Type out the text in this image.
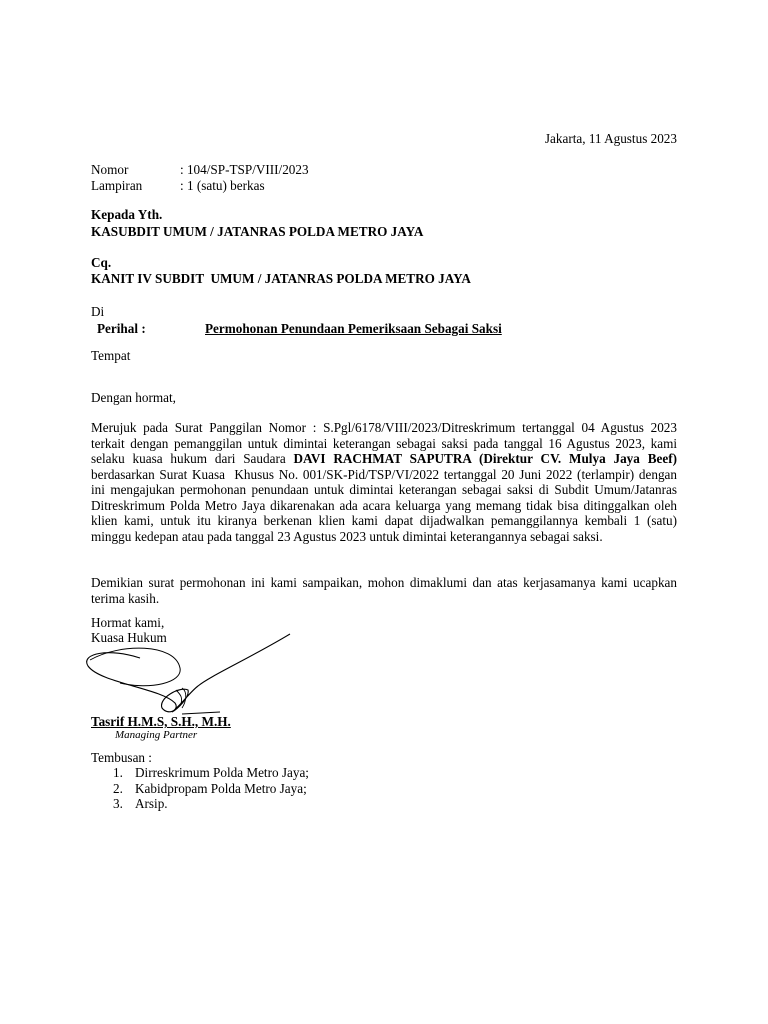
Jakarta, 11 Agustus 2023
Nomor	: 104/SP-TSP/VIII/2023
Lampiran	: 1 (satu) berkas
Kepada Yth.
KASUBDIT UMUM / JATANRAS POLDA METRO JAYA
Cq.
KANIT IV SUBDIT  UMUM / JATANRAS POLDA METRO JAYA
Di
Perihal :	Permohonan Penundaan Pemeriksaan Sebagai Saksi
Tempat
Dengan hormat,
Merujuk pada Surat Panggilan Nomor : S.Pgl/6178/VIII/2023/Ditreskrimum tertanggal 04 Agustus 2023 terkait dengan pemanggilan untuk dimintai keterangan sebagai saksi pada tanggal 16 Agustus 2023, kami selaku kuasa hukum dari Saudara DAVI RACHMAT SAPUTRA (Direktur CV. Mulya Jaya Beef) berdasarkan Surat Kuasa  Khusus No. 001/SK-Pid/TSP/VI/2022 tertanggal 20 Juni 2022 (terlampir) dengan ini mengajukan permohonan penundaan untuk dimintai keterangan sebagai saksi di Subdit Umum/Jatanras Ditreskrimum Polda Metro Jaya dikarenakan ada acara keluarga yang memang tidak bisa ditinggalkan oleh klien kami, untuk itu kiranya berkenan klien kami dapat dijadwalkan pemanggilannya kembali 1 (satu) minggu kedepan atau pada tanggal 23 Agustus 2023 untuk dimintai keterangannya sebagai saksi.
Demikian surat permohonan ini kami sampaikan, mohon dimaklumi dan atas kerjasamanya kami ucapkan terima kasih.
Hormat kami,
Kuasa Hukum
Tasrif H.M.S, S.H., M.H.
Managing Partner
Tembusan :
1. Dirreskrimum Polda Metro Jaya;
2. Kabidpropam Polda Metro Jaya;
3. Arsip.
